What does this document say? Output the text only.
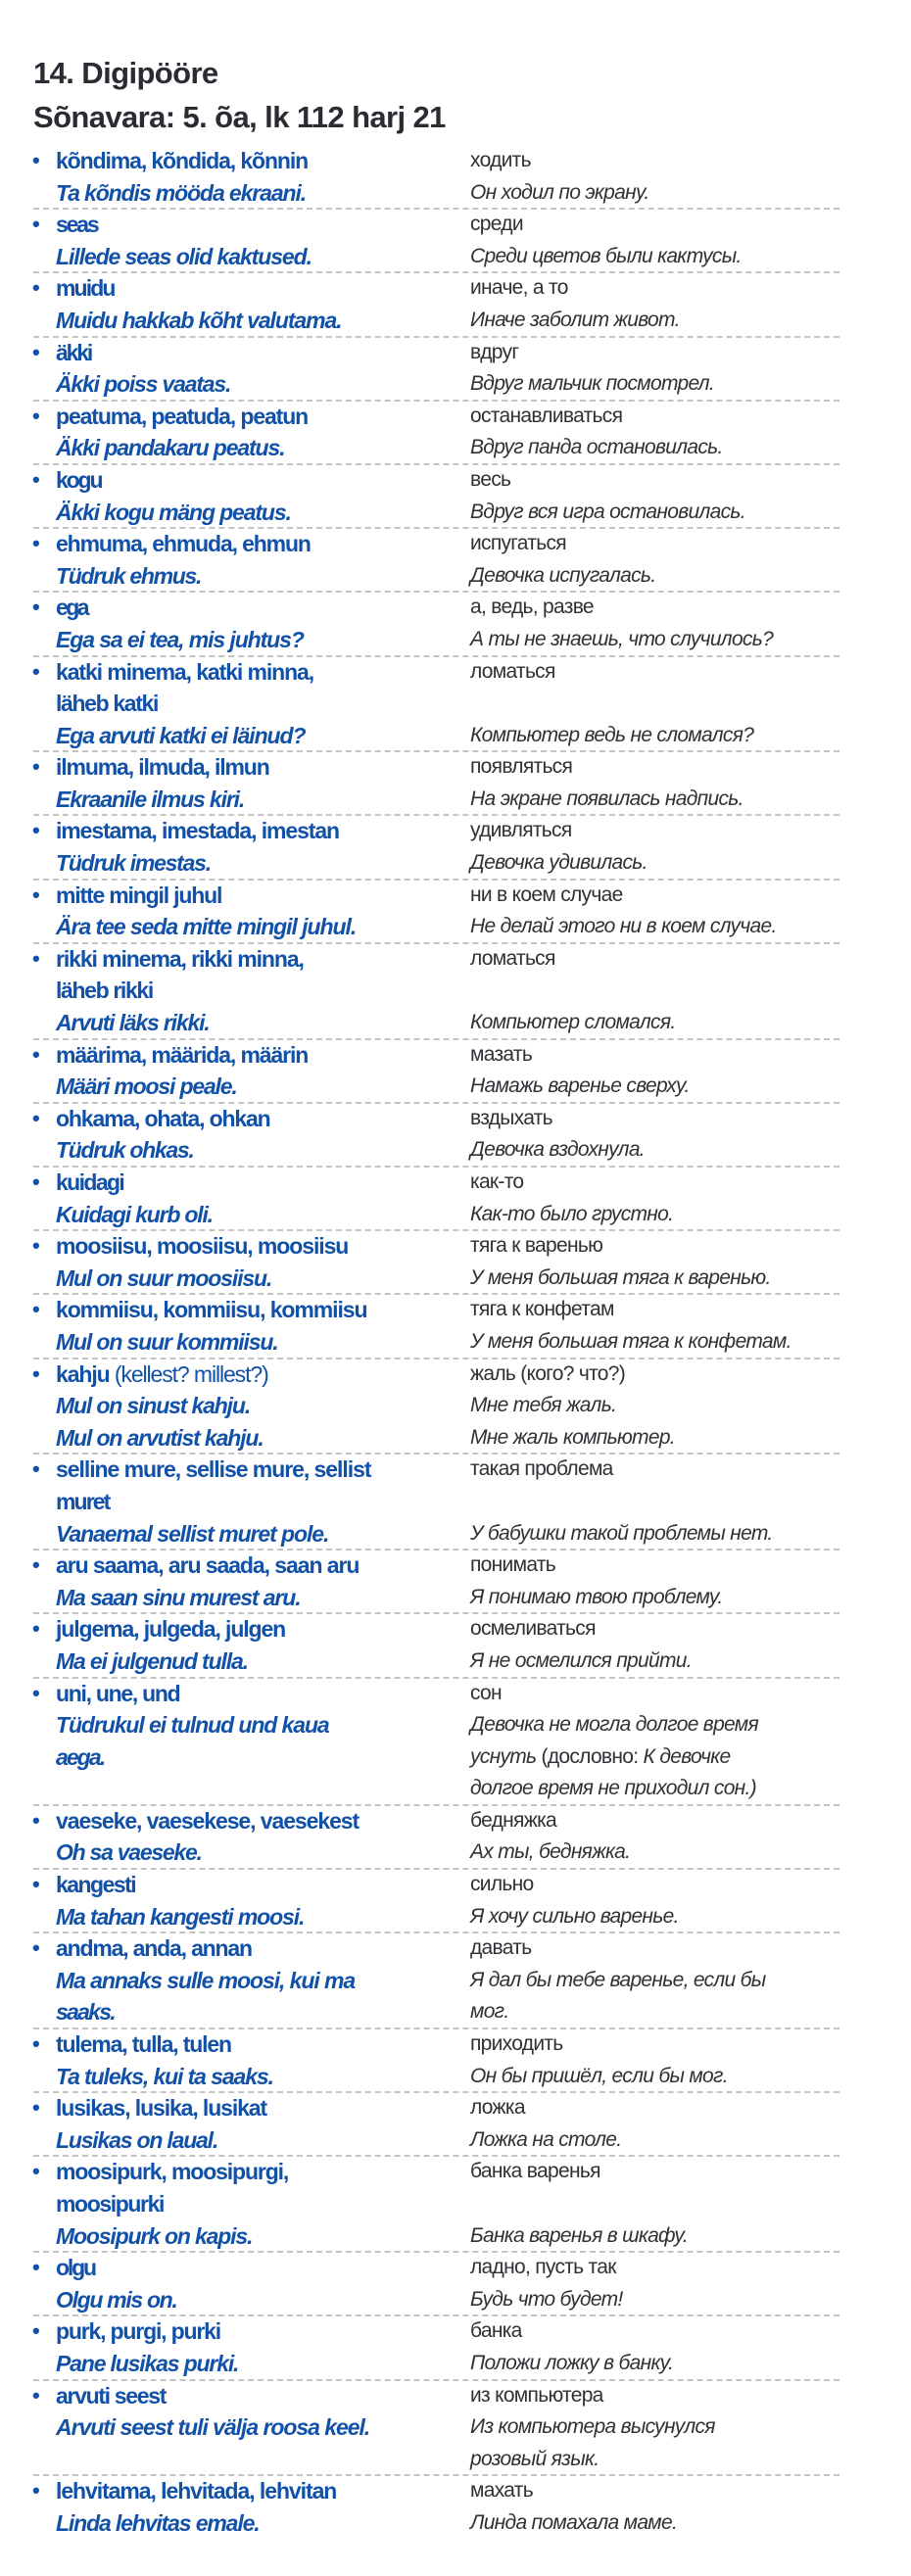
14. Digipööre
Sõnavara: 5. õa, lk 112 harj 21
• kõndima, kõndida, kõnnin	ходить
Ta kõndis mööda ekraani.	Он ходил по экрану.
• seas	среди
Lillede seas olid kaktused.	Среди цветов были кактусы.
• muidu	иначе, а то
Muidu hakkab kõht valutama.	Иначе заболит живот.
• äkki	вдруг
Äkki poiss vaatas.	Вдруг мальчик посмотрел.
• peatuma, peatuda, peatun	останавливаться
Äkki pandakaru peatus.	Вдруг панда остановилась.
• kogu	весь
Äkki kogu mäng peatus.	Вдруг вся игра остановилась.
• ehmuma, ehmuda, ehmun	испугаться
Tüdruk ehmus.	Девочка испугалась.
• ega	а, ведь, разве
Ega sa ei tea, mis juhtus?	А ты не знаешь, что случилось?
• katki minema, katki minna,	ломаться
läheb katki
Ega arvuti katki ei läinud?	Компьютер ведь не сломался?
• ilmuma, ilmuda, ilmun	появляться
Ekraanile ilmus kiri.	На экране появилась надпись.
• imestama, imestada, imestan	удивляться
Tüdruk imestas.	Девочка удивилась.
• mitte mingil juhul	ни в коем случае
Ära tee seda mitte mingil juhul.	Не делай этого ни в коем случае.
• rikki minema, rikki minna,	ломаться
läheb rikki
Arvuti läks rikki.	Компьютер сломался.
• määrima, määrida, määrin	мазать
Määri moosi peale.	Намажь варенье сверху.
• ohkama, ohata, ohkan	вздыхать
Tüdruk ohkas.	Девочка вздохнула.
• kuidagi	как-то
Kuidagi kurb oli.	Как-то было грустно.
• moosiisu, moosiisu, moosiisu	тяга к варенью
Mul on suur moosiisu.	У меня большая тяга к варенью.
• kommiisu, kommiisu, kommiisu	тяга к конфетам
Mul on suur kommiisu.	У меня большая тяга к конфетам.
• kahju (kellest? millest?)	жаль (кого? что?)
Mul on sinust kahju.	Мне тебя жаль.
Mul on arvutist kahju.	Мне жаль компьютер.
• selline mure, sellise mure, sellist	такая проблема
muret
Vanaemal sellist muret pole.	У бабушки такой проблемы нет.
• aru saama, aru saada, saan aru	понимать
Ma saan sinu murest aru.	Я понимаю твою проблему.
• julgema, julgeda, julgen	осмеливаться
Ma ei julgenud tulla.	Я не осмелился прийти.
• uni, une, und	сон
Tüdrukul ei tulnud und kaua	Девочка не могла долгое время
aega.	уснуть (дословно: К девочке
долгое время не приходил сон.)
• vaeseke, vaesekese, vaesekest	бедняжка
Oh sa vaeseke.	Ах ты, бедняжка.
• kangesti	сильно
Ma tahan kangesti moosi.	Я хочу сильно варенье.
• andma, anda, annan	давать
Ma annaks sulle moosi, kui ma	Я дал бы тебе варенье, если бы
saaks.	мог.
• tulema, tulla, tulen	приходить
Ta tuleks, kui ta saaks.	Он бы пришёл, если бы мог.
• lusikas, lusika, lusikat	ложка
Lusikas on laual.	Ложка на столе.
• moosipurk, moosipurgi,	банка варенья
moosipurki
Moosipurk on kapis.	Банка варенья в шкафу.
• olgu	ладно, пусть так
Olgu mis on.	Будь что будет!
• purk, purgi, purki	банка
Pane lusikas purki.	Положи ложку в банку.
• arvuti seest	из компьютера
Arvuti seest tuli välja roosa keel.	Из компьютера высунулся
розовый язык.
• lehvitama, lehvitada, lehvitan	махать
Linda lehvitas emale.	Линда помахала маме.
